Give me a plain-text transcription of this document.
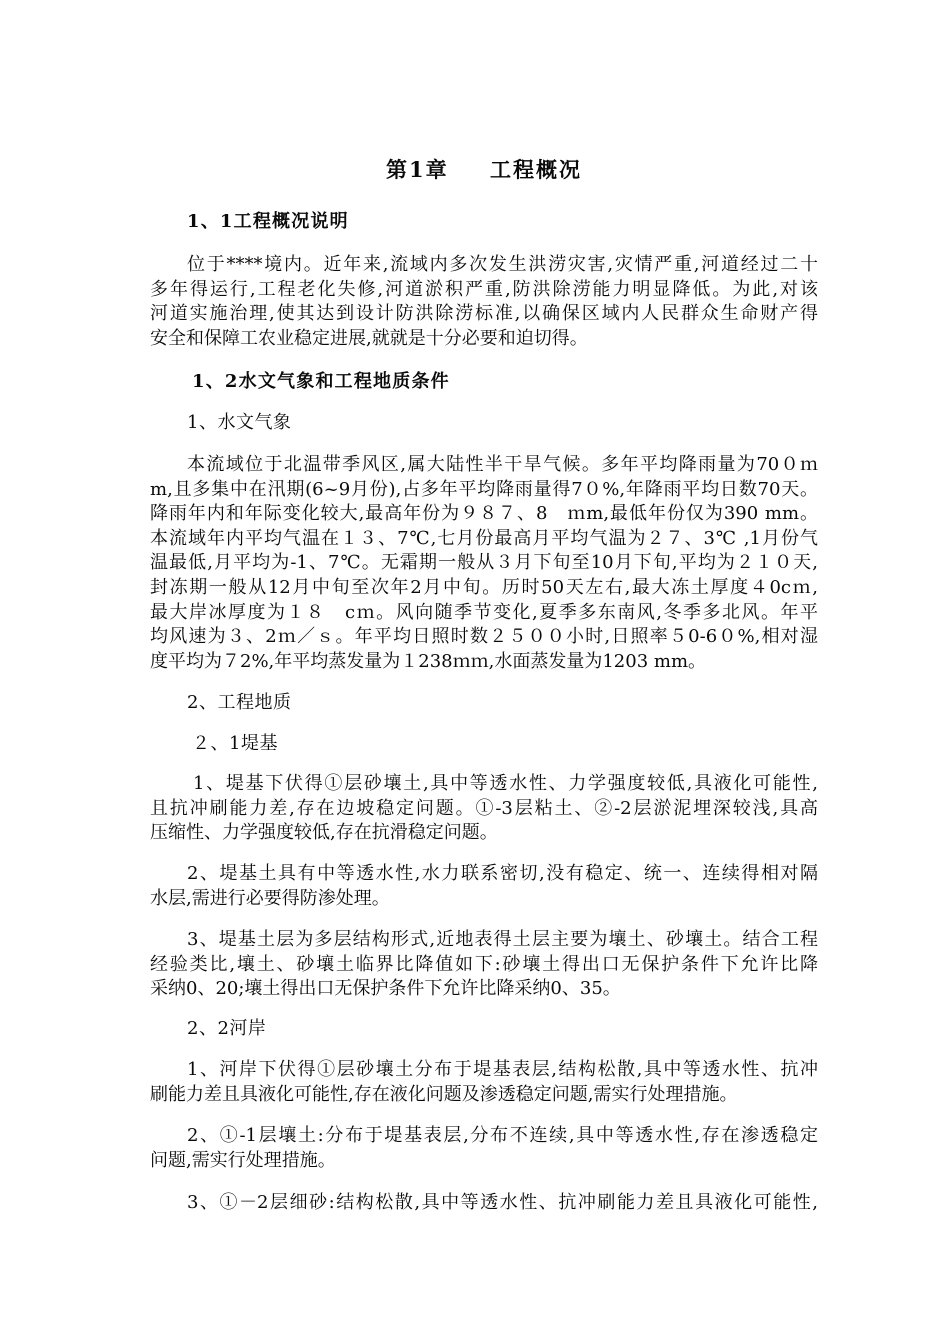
第1章 工程概况
1、1工程概况说明
位于****境内。近年来,流域内多次发生洪涝灾害,灾情严重,河道经过二十
多年得运行,工程老化失修,河道淤积严重,防洪除涝能力明显降低。为此,对该
河道实施治理,使其达到设计防洪除涝标准,以确保区域内人民群众生命财产得
安全和保障工农业稳定进展,就就是十分必要和迫切得。
1、2水文气象和工程地质条件
1、水文气象
本流域位于北温带季风区,属大陆性半干旱气候。多年平均降雨量为70０ｍ
m,且多集中在汛期(6~9月份),占多年平均降雨量得7０%,年降雨平均日数70天。
降雨年内和年际变化较大,最高年份为９８７、8　ｍm,最低年份仅为390 mm。
本流域年内平均气温在１３、7℃,七月份最高月平均气温为２７、3℃ ,1月份气
温最低,月平均为-1、7℃。无霜期一般从３月下旬至10月下旬,平均为２１０天,
封冻期一般从12月中旬至次年2月中旬。历时50天左右,最大冻土厚度４0cｍ,
最大岸冰厚度为１８　cｍ。风向随季节变化,夏季多东南风,冬季多北风。年平
均风速为３、2ｍ／ｓ。年平均日照时数２５００小时,日照率５0-6０%,相对湿
度平均为７2%,年平均蒸发量为１238ｍｍ,水面蒸发量为1203 mm。
2、工程地质
２、1堤基
1、堤基下伏得①层砂壤土,具中等透水性、力学强度较低,具液化可能性,
且抗冲刷能力差,存在边坡稳定问题。①-3层粘土、②-2层淤泥埋深较浅,具高
压缩性、力学强度较低,存在抗滑稳定问题。
2、堤基土具有中等透水性,水力联系密切,没有稳定、统一、连续得相对隔
水层,需进行必要得防渗处理。
3、堤基土层为多层结构形式,近地表得土层主要为壤土、砂壤土。结合工程
经验类比,壤土、砂壤土临界比降值如下:砂壤土得出口无保护条件下允许比降
采纳0、20;壤土得出口无保护条件下允许比降采纳0、35。
2、2河岸
1、河岸下伏得①层砂壤土分布于堤基表层,结构松散,具中等透水性、抗冲
刷能力差且具液化可能性,存在液化问题及渗透稳定问题,需实行处理措施。
2、①-1层壤土:分布于堤基表层,分布不连续,具中等透水性,存在渗透稳定
问题,需实行处理措施。
3、①－2层细砂:结构松散,具中等透水性、抗冲刷能力差且具液化可能性,
